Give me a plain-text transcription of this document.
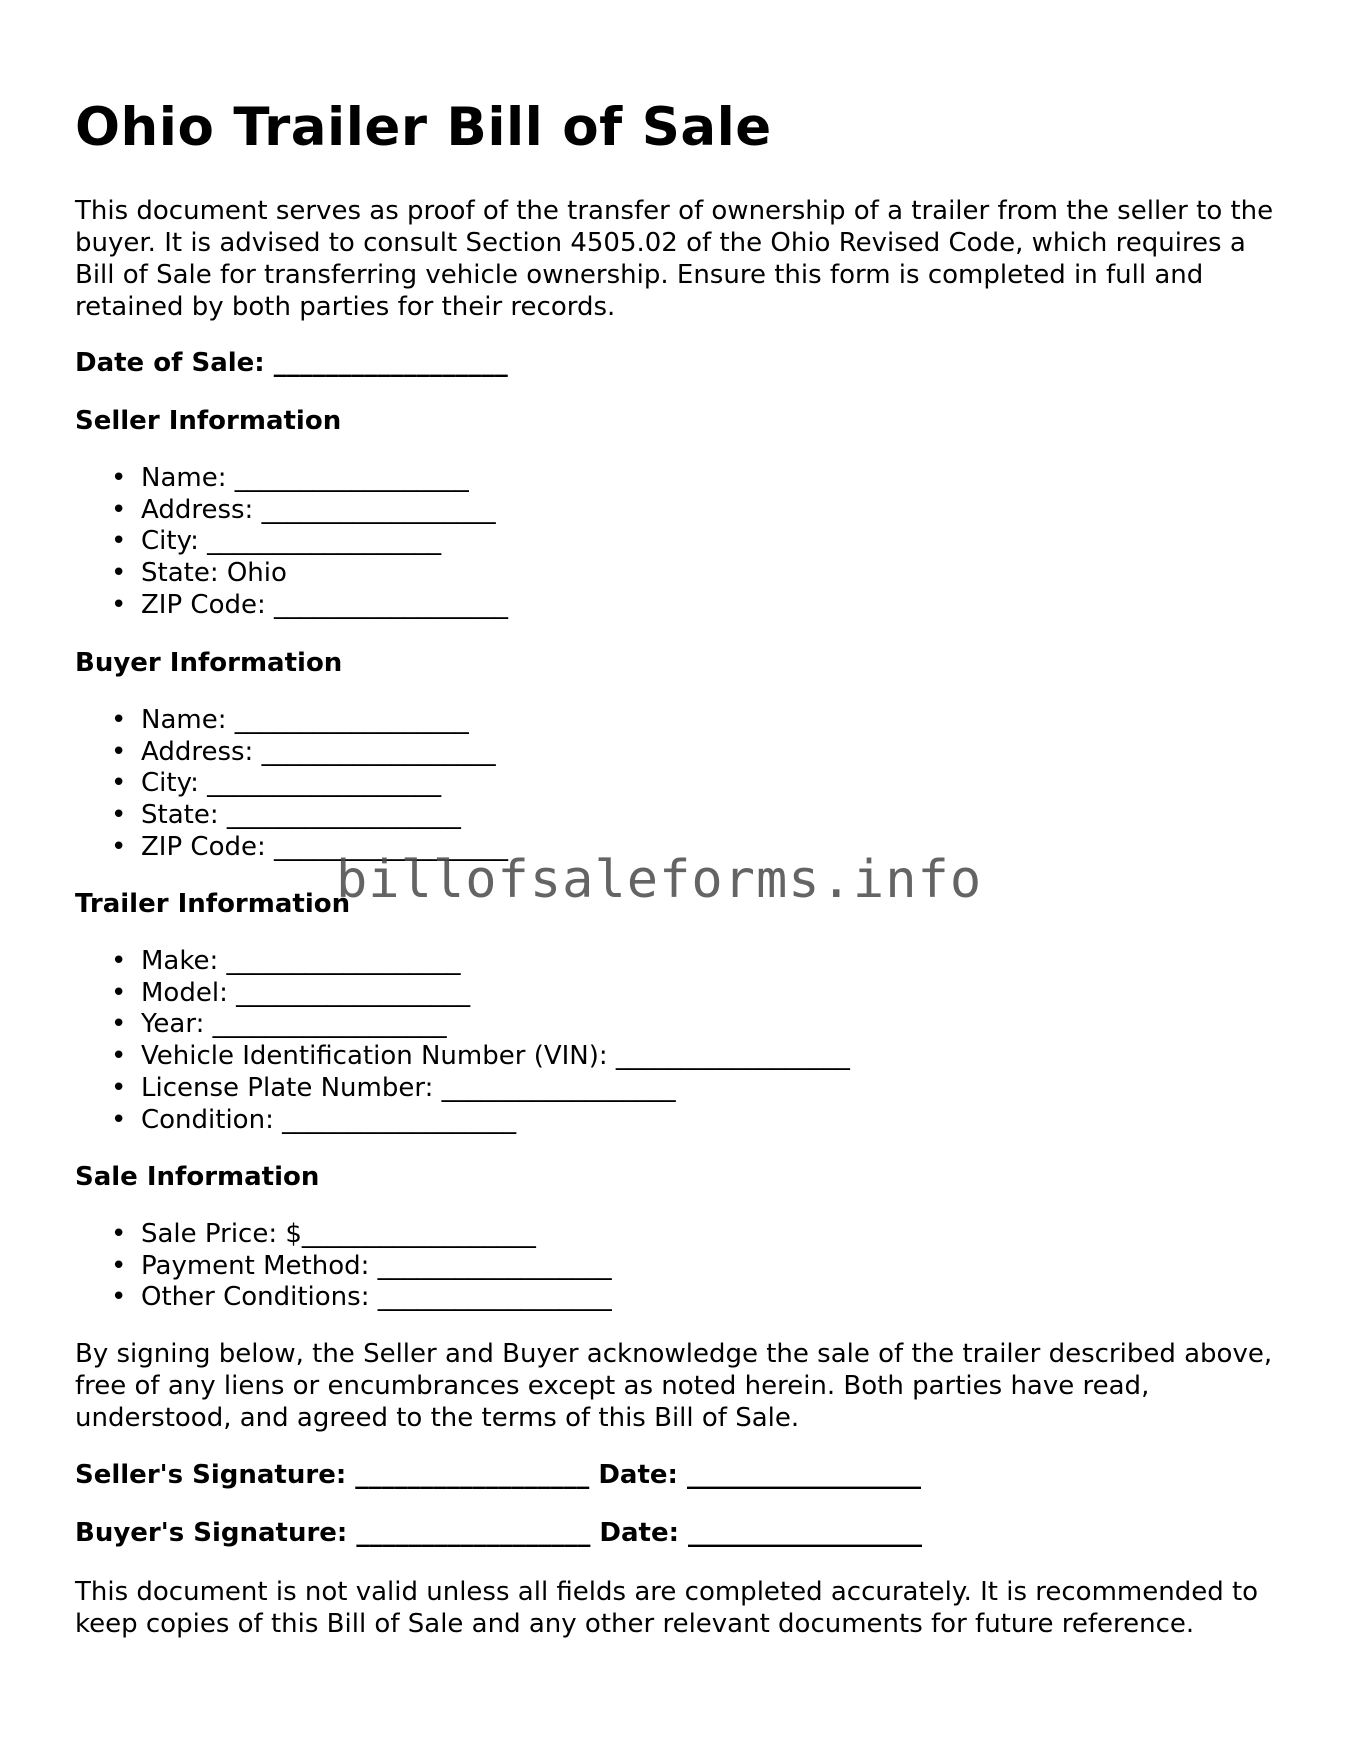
Ohio Trailer Bill of Sale

This document serves as proof of the transfer of ownership of a trailer from the seller to the buyer. It is advised to consult Section 4505.02 of the Ohio Revised Code, which requires a Bill of Sale for transferring vehicle ownership. Ensure this form is completed in full and retained by both parties for their records.

Date of Sale: __________________

Seller Information

• Name: __________________
• Address: __________________
• City: __________________
• State: Ohio
• ZIP Code: __________________

Buyer Information

• Name: __________________
• Address: __________________
• City: __________________
• State: __________________
• ZIP Code: __________________

Trailer Information

• Make: __________________
• Model: __________________
• Year: __________________
• Vehicle Identification Number (VIN): __________________
• License Plate Number: __________________
• Condition: __________________

Sale Information

• Sale Price: $__________________
• Payment Method: __________________
• Other Conditions: __________________

By signing below, the Seller and Buyer acknowledge the sale of the trailer described above, free of any liens or encumbrances except as noted herein. Both parties have read, understood, and agreed to the terms of this Bill of Sale.

Seller's Signature: __________________ Date: __________________

Buyer's Signature: __________________ Date: __________________

This document is not valid unless all fields are completed accurately. It is recommended to keep copies of this Bill of Sale and any other relevant documents for future reference.

billofsaleforms.info
